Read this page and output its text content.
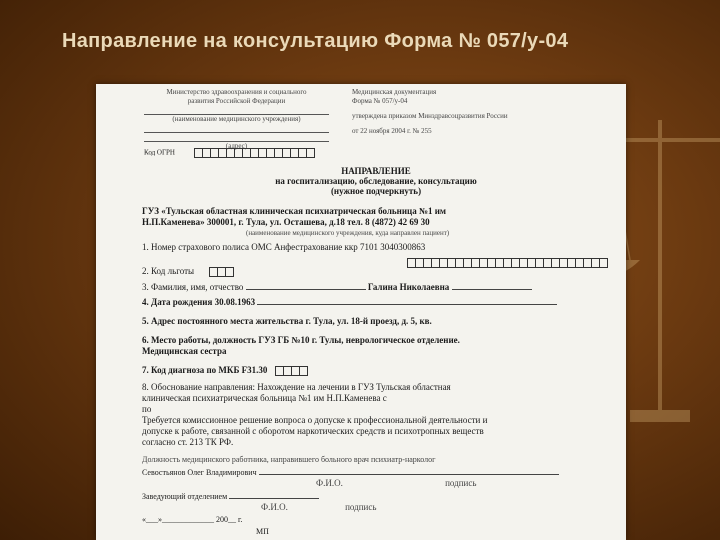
Направление на консультацию Форма № 057/у-04
Министерство здравоохранения и социального
развития Российской Федерации
(наименование медицинского учреждения)
(адрес)
Медицинская документация
Форма № 057/у-04
утверждена приказом Минздравсоцразвития России
от 22 ноября 2004 г. № 255
Код ОГРН
НАПРАВЛЕНИЕ
на госпитализацию, обследование, консультацию
(нужное подчеркнуть)
ГУЗ «Тульская областная клиническая психиатрическая больница №1 им
Н.П.Каменева» 300001, г. Тула, ул. Осташева, д.18 тел. 8 (4872) 42 69 30
(наименование медицинского учреждения, куда направлен пациент)
1. Номер страхового полиса ОМС Анфестрахование ккр 7101 3040300863
2. Код льготы
3. Фамилия, имя, отчество	Галина Николаевна
4. Дата рождения 30.08.1963
5. Адрес постоянного места жительства г. Тула, ул. 18-й проезд, д. 5, кв.
6. Место работы, должность ГУЗ ГБ №10 г. Тулы, неврологическое отделение.
Медицинская сестра
7. Код диагноза по МКБ F31.30
8. Обоснование направления: Нахождение на лечении в ГУЗ Тульская областная
клиническая психиатрическая больница №1 им Н.П.Каменева с
по
Требуется комиссионное решение вопроса о допуске к профессиональной деятельности и
допуске к работе, связанной с оборотом наркотических средств и психотропных веществ
согласно ст. 213 ТК РФ.
Должность медицинского работника, направившего больного врач психиатр-нарколог
Севостьянов Олег Владимирович
Ф.И.О.	подпись
Заведующий отделением
Ф.И.О.	подпись
«___»_____________ 200__ г.
МП
